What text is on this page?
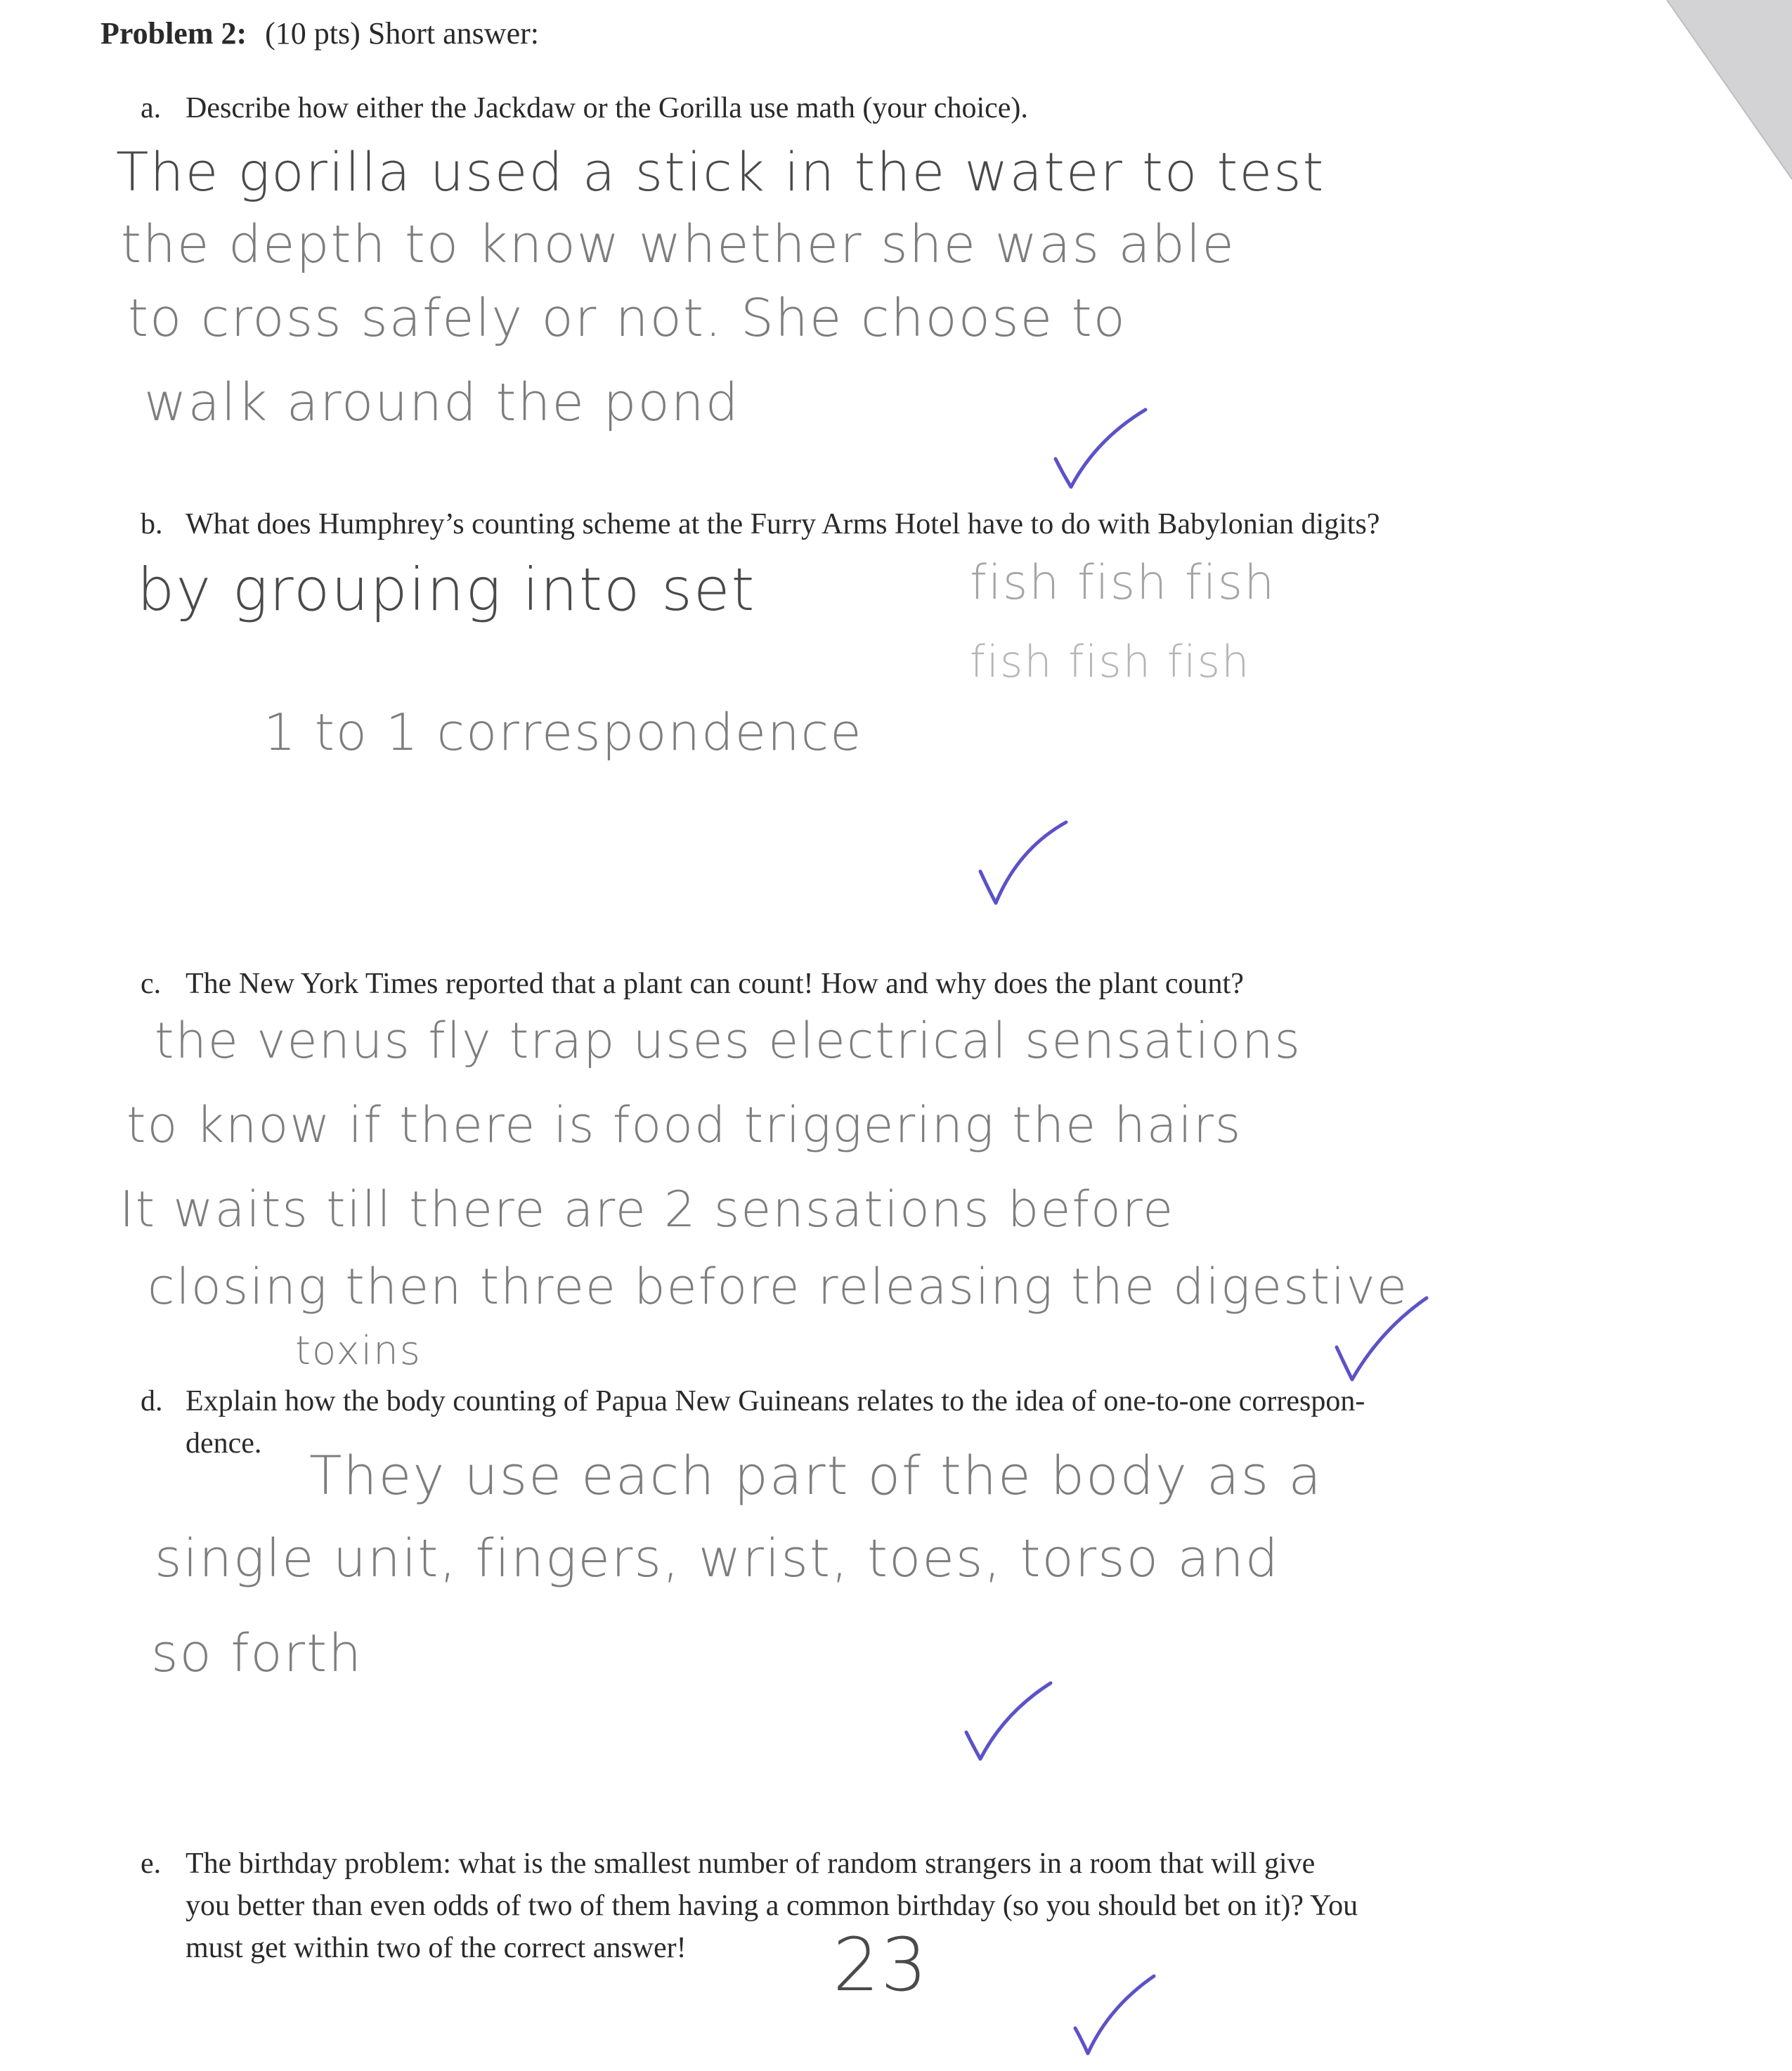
Problem 2: (10 pts) Short answer:
a. Describe how either the Jackdaw or the Gorilla use math (your choice).
The gorilla used a stick in the water to test
the depth to know whether she was able
to cross safely or not. She choose to
walk around the pond
b. What does Humphrey’s counting scheme at the Furry Arms Hotel have to do with Babylonian digits?
by grouping into set
1 to 1 correspondence
fish fish fish
fish fish fish
c. The New York Times reported that a plant can count! How and why does the plant count?
the venus fly trap uses electrical sensations
to know if there is food triggering the hairs
It waits till there are 2 sensations before
closing then three before releasing the digestive
toxins
d. Explain how the body counting of Papua New Guineans relates to the idea of one-to-one correspon-
dence.
They use each part of the body as a
single unit, fingers, wrist, toes, torso and
so forth
e. The birthday problem: what is the smallest number of random strangers in a room that will give
you better than even odds of two of them having a common birthday (so you should bet on it)? You
must get within two of the correct answer!	23
